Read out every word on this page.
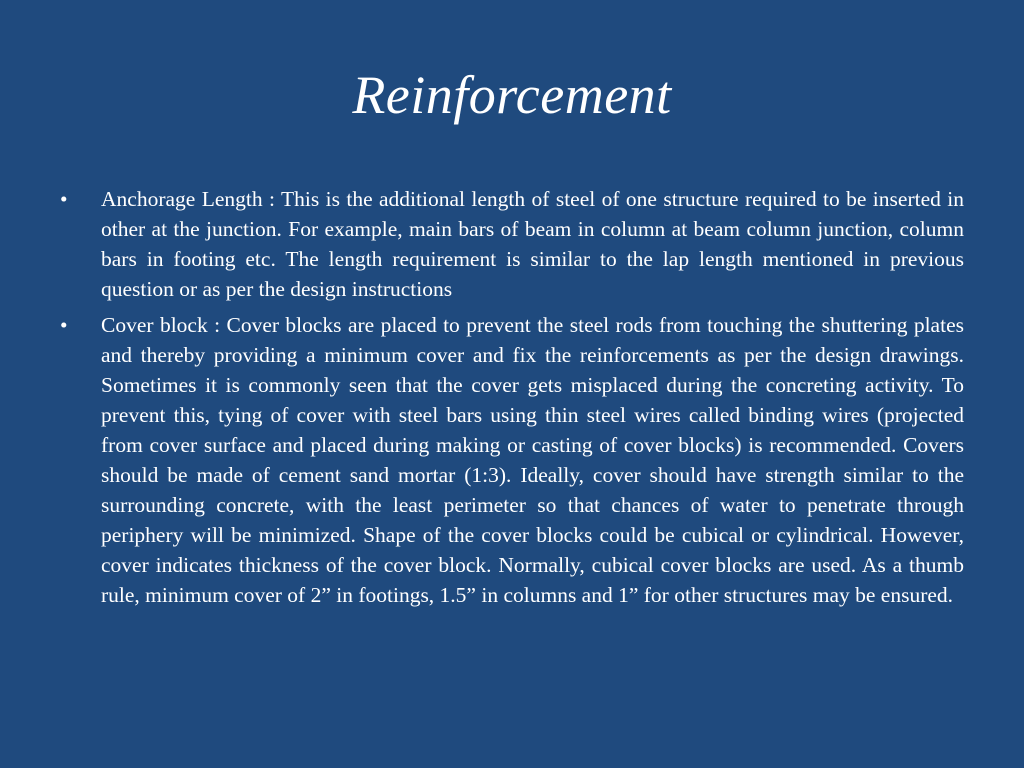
Reinforcement
•	Anchorage Length : This is the additional length of steel of one structure required to be inserted in other at the junction. For example, main bars of beam in column at beam column junction, column bars in footing etc. The length requirement is similar to the lap length mentioned in previous question or as per the design instructions
•	Cover block : Cover blocks are placed to prevent the steel rods from touching the shuttering plates and thereby providing a minimum cover and fix the reinforcements as per the design drawings. Sometimes it is commonly seen that the cover gets misplaced during the concreting activity. To prevent this, tying of cover with steel bars using thin steel wires called binding wires (projected from cover surface and placed during making or casting of cover blocks) is recommended. Covers should be made of cement sand mortar (1:3). Ideally, cover should have strength similar to the surrounding concrete, with the least perimeter so that chances of water to penetrate through periphery will be minimized. Shape of the cover blocks could be cubical or cylindrical. However, cover indicates thickness of the cover block. Normally, cubical cover blocks are used. As a thumb rule, minimum cover of 2” in footings, 1.5” in columns and 1” for other structures may be ensured.
